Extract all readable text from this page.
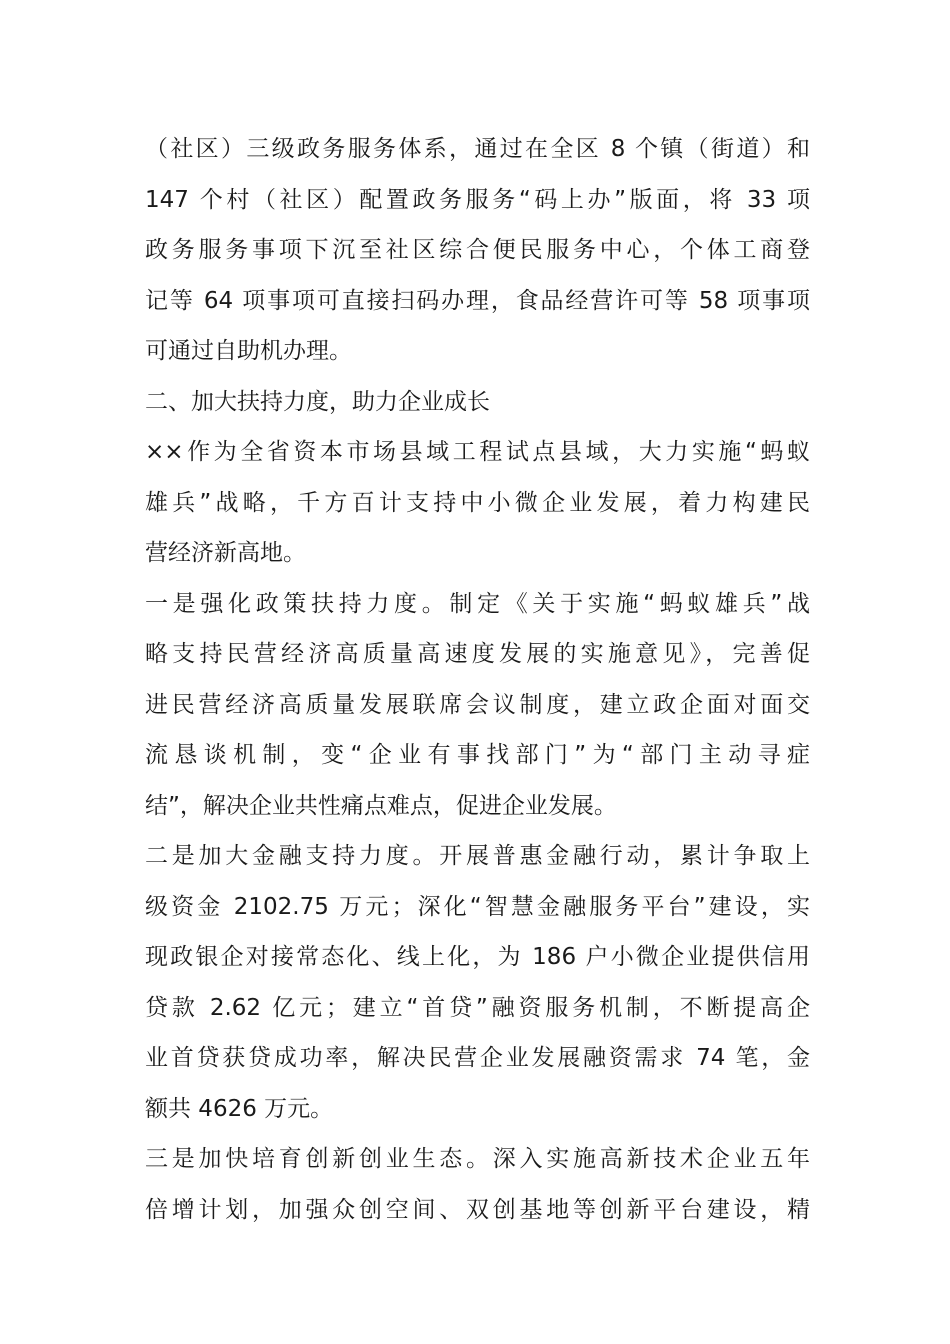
（社区）三级政务服务体系，通过在全区 8 个镇（街道）和
147 个村（社区）配置政务服务“码上办”版面，将 33 项
政务服务事项下沉至社区综合便民服务中心，个体工商登
记等 64 项事项可直接扫码办理，食品经营许可等 58 项事项
可通过自助机办理。
二、加大扶持力度，助力企业成长
××作为全省资本市场县域工程试点县域，大力实施“蚂蚁
雄兵”战略，千方百计支持中小微企业发展，着力构建民
营经济新高地。
一是强化政策扶持力度。制定《关于实施“蚂蚁雄兵”战
略支持民营经济高质量高速度发展的实施意见》，完善促
进民营经济高质量发展联席会议制度，建立政企面对面交
流恳谈机制，变“企业有事找部门”为“部门主动寻症
结”，解决企业共性痛点难点，促进企业发展。
二是加大金融支持力度。开展普惠金融行动，累计争取上
级资金 2102.75 万元；深化“智慧金融服务平台”建设，实
现政银企对接常态化、线上化，为 186 户小微企业提供信用
贷款 2.62 亿元；建立“首贷”融资服务机制，不断提高企
业首贷获贷成功率，解决民营企业发展融资需求 74 笔，金
额共 4626 万元。
三是加快培育创新创业生态。深入实施高新技术企业五年
倍增计划，加强众创空间、双创基地等创新平台建设，精
